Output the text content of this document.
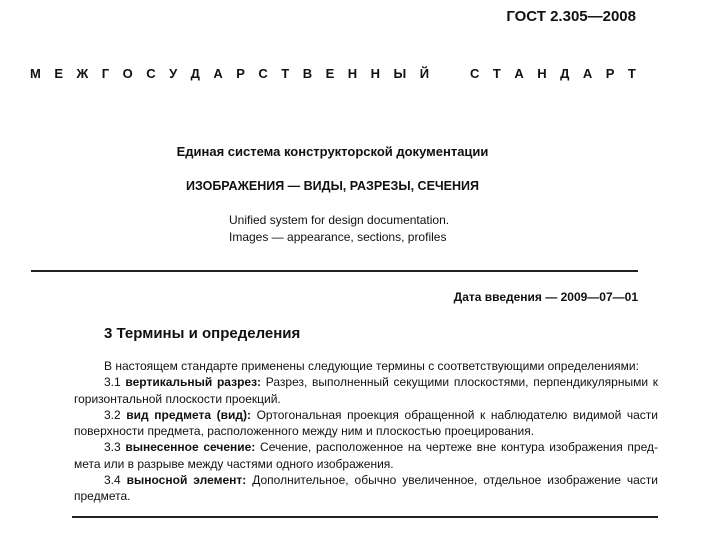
ГОСТ 2.305—2008
М Е Ж Г О С У Д А Р С Т В Е Н Н Ы Й	С Т А Н Д А Р Т
Единая система конструкторской документации
ИЗОБРАЖЕНИЯ — ВИДЫ, РАЗРЕЗЫ, СЕЧЕНИЯ
Unified system for design documentation.
Images — appearance, sections, profiles
Дата введения — 2009—07—01
3 Термины и определения
В настоящем стандарте применены следующие термины с соответствующими определениями:
3.1 вертикальный разрез: Разрез, выполненный секущими плоскостями, перпендикулярными к
горизонтальной плоскости проекций.
3.2 вид предмета (вид): Ортогональная проекция обращенной к наблюдателю видимой части
поверхности предмета, расположенного между ним и плоскостью проецирования.
3.3 вынесенное сечение: Сечение, расположенное на чертеже вне контура изображения пред-
мета или в разрыве между частями одного изображения.
3.4 выносной элемент: Дополнительное, обычно увеличенное, отдельное изображение части
предмета.
